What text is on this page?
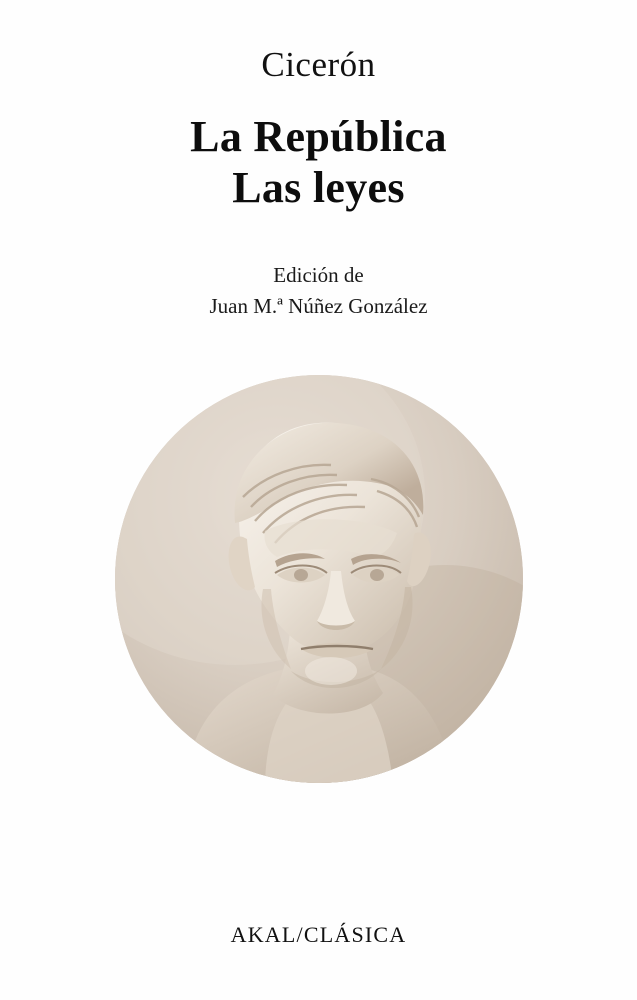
Cicerón
La República
Las leyes
Edición de
Juan M.ª Núñez González
AKAL/CLÁSICA
